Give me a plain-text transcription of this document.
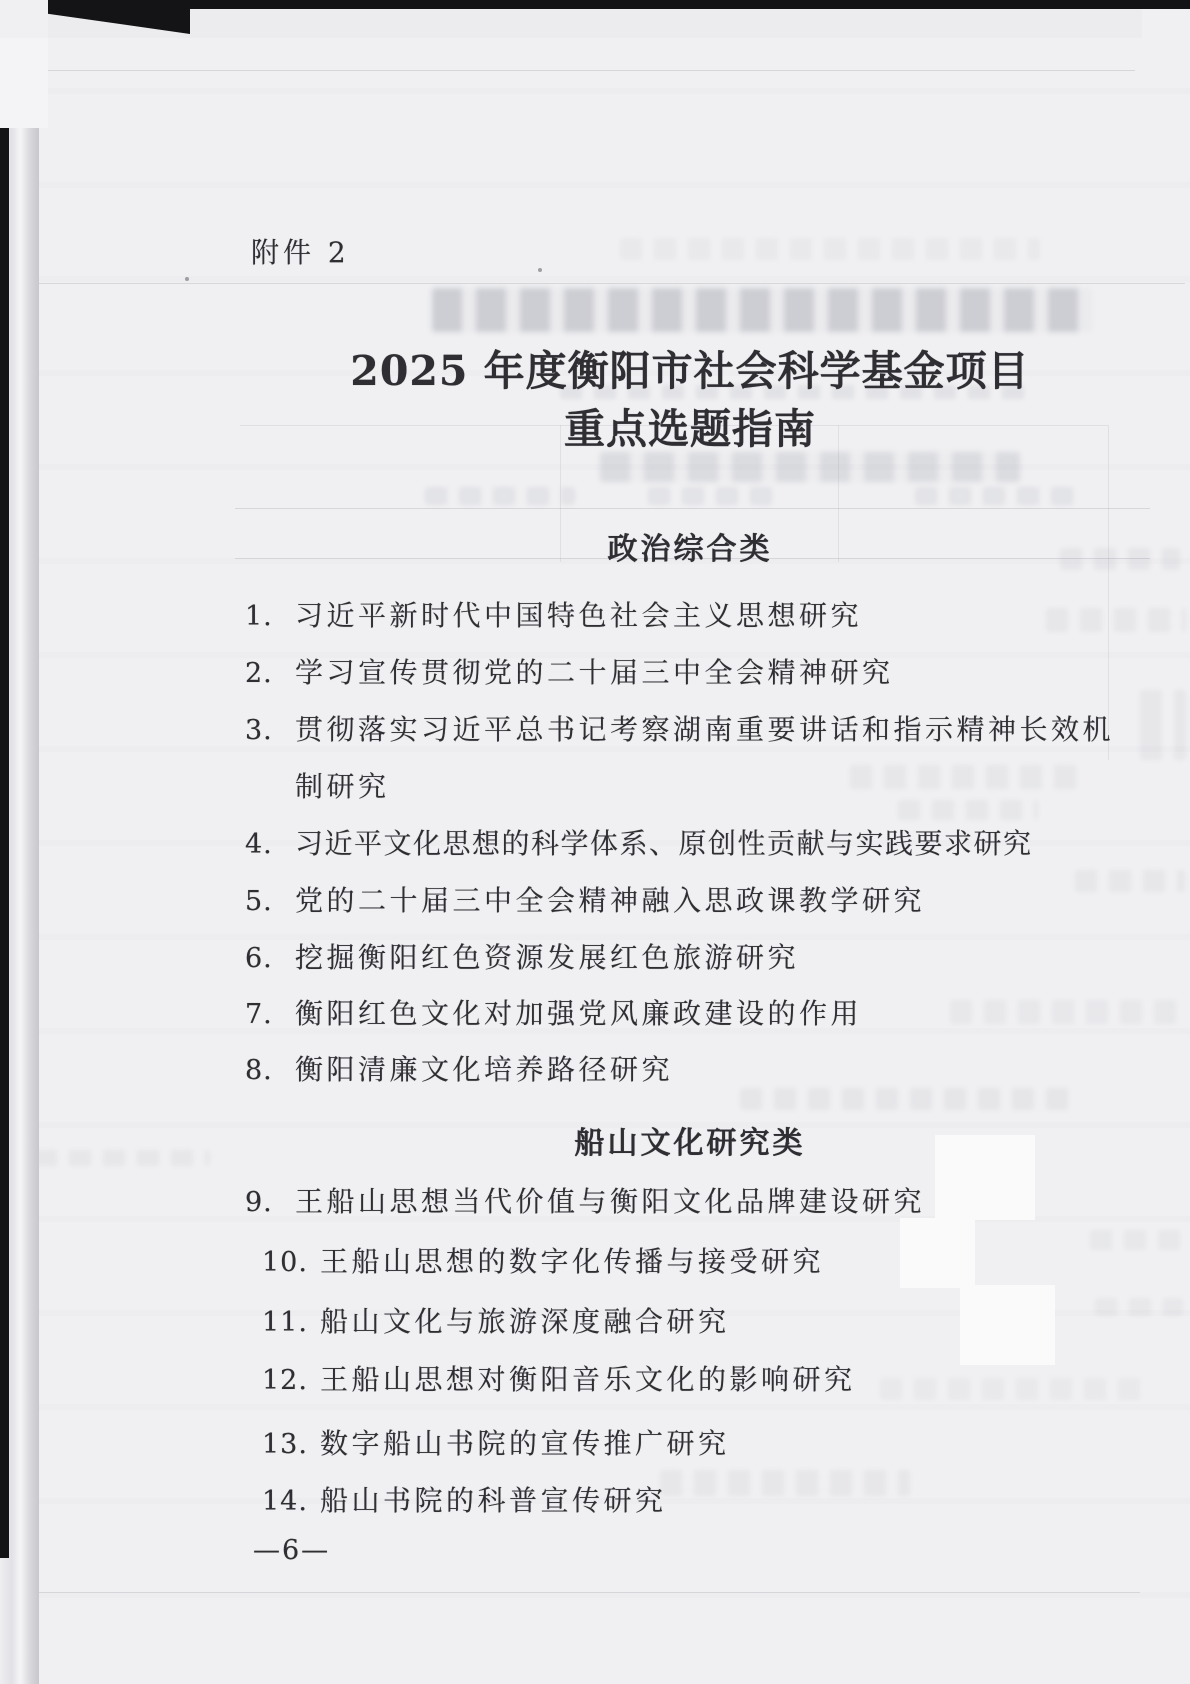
附件 2
2025 年度衡阳市社会科学基金项目
重点选题指南
政治综合类
船山文化研究类
1. 习近平新时代中国特色社会主义思想研究
2. 学习宣传贯彻党的二十届三中全会精神研究
3. 贯彻落实习近平总书记考察湖南重要讲话和指示精神长效机
制研究
4. 习近平文化思想的科学体系、原创性贡献与实践要求研究
5. 党的二十届三中全会精神融入思政课教学研究
6. 挖掘衡阳红色资源发展红色旅游研究
7. 衡阳红色文化对加强党风廉政建设的作用
8. 衡阳清廉文化培养路径研究
9. 王船山思想当代价值与衡阳文化品牌建设研究
10. 王船山思想的数字化传播与接受研究
11. 船山文化与旅游深度融合研究
12. 王船山思想对衡阳音乐文化的影响研究
13. 数字船山书院的宣传推广研究
14. 船山书院的科普宣传研究
—6—
